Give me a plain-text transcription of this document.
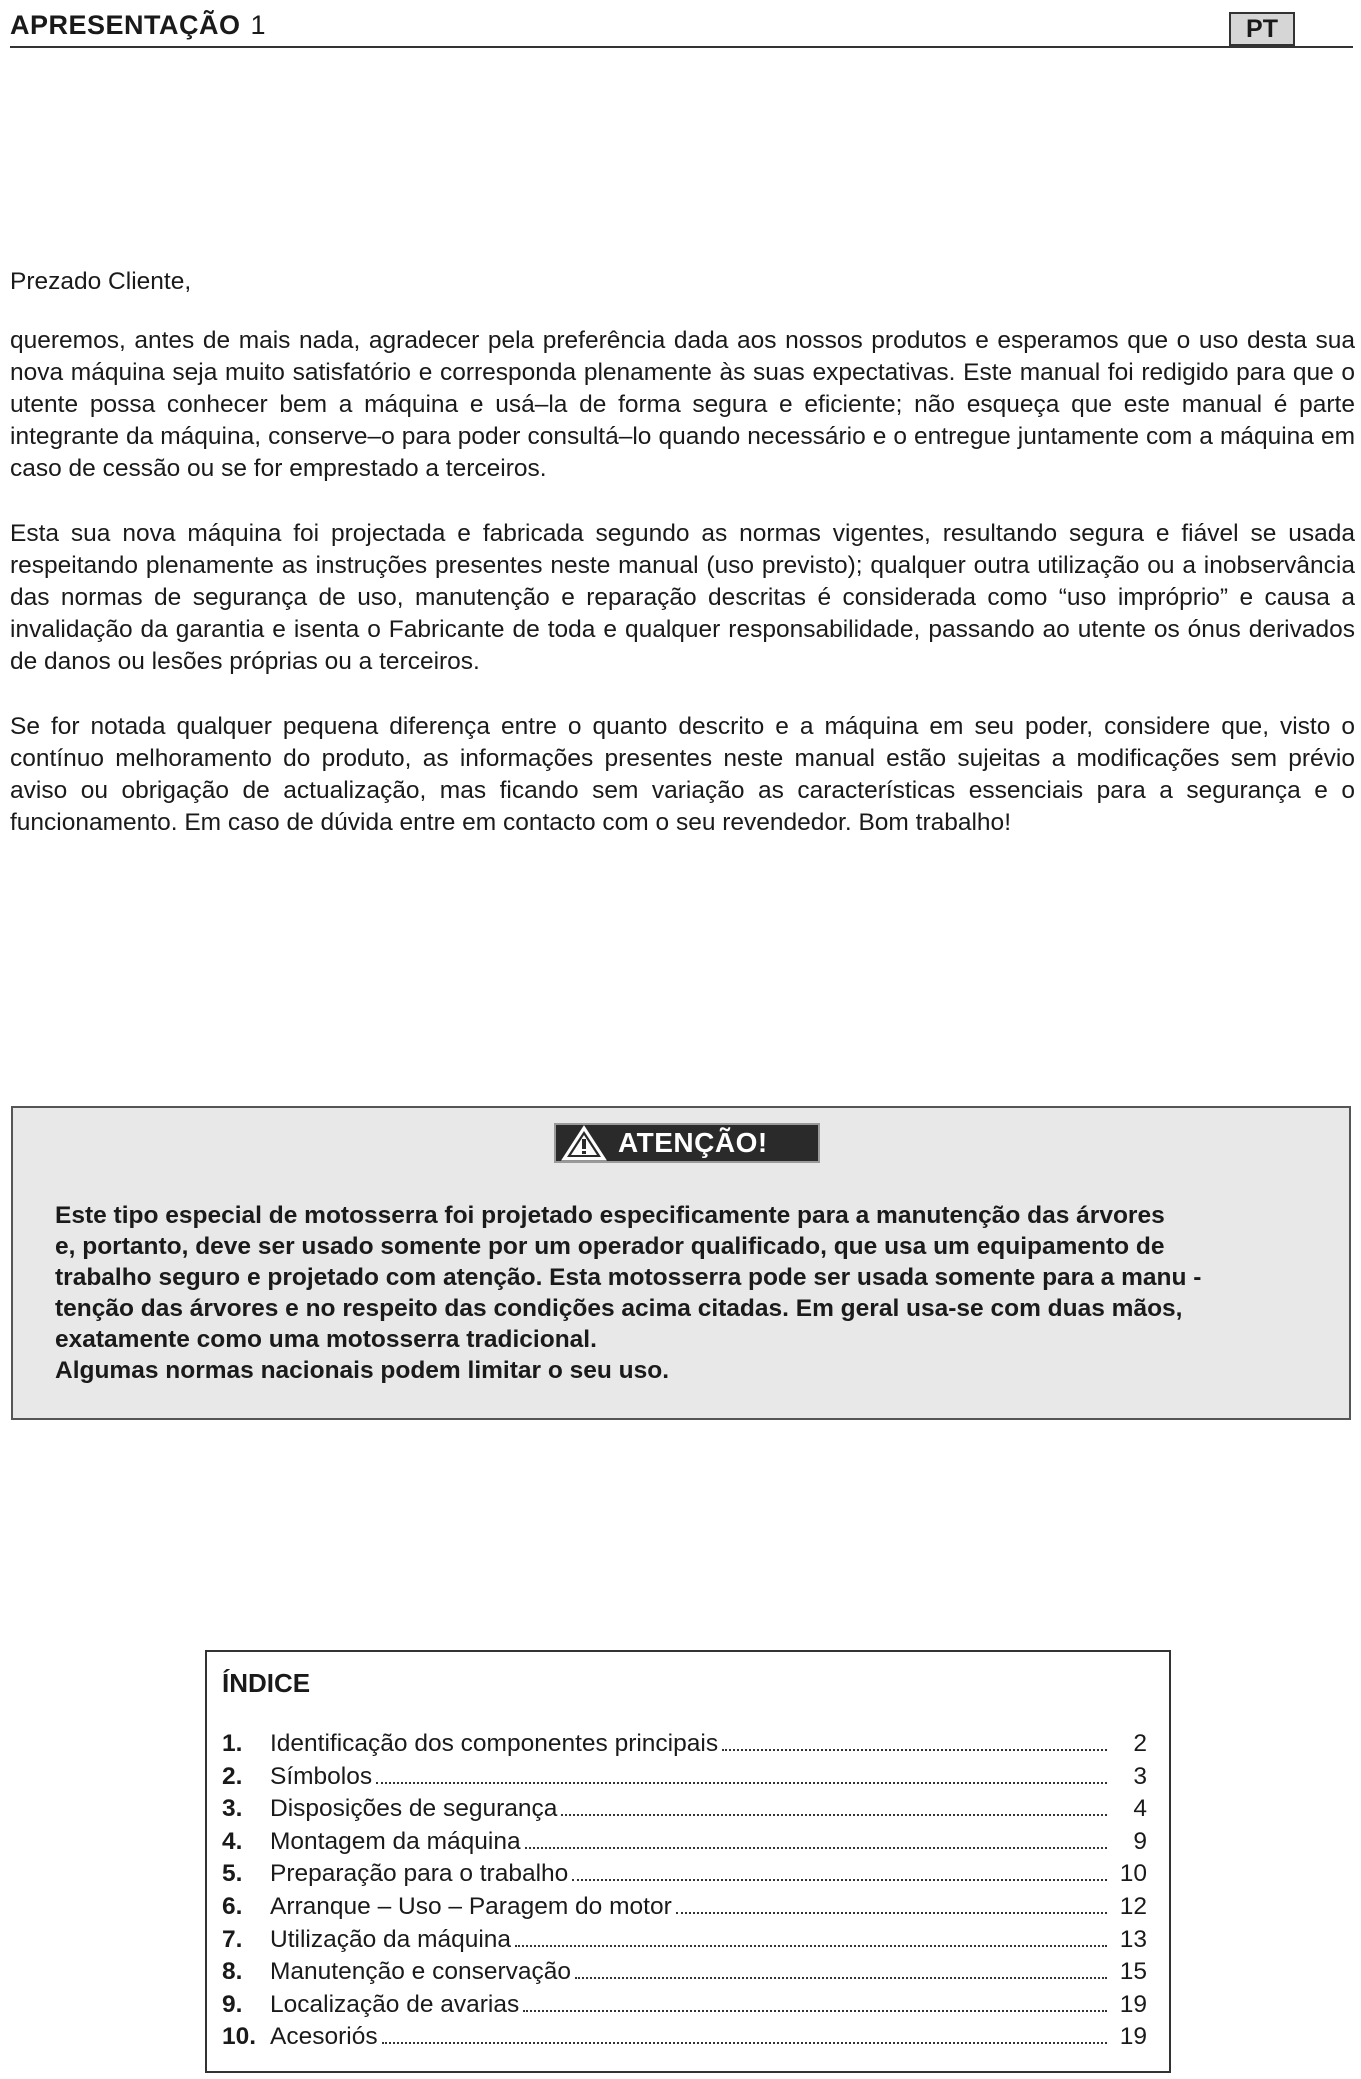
APRESENTAÇÃO 1	PT

Prezado Cliente,

queremos, antes de mais nada, agradecer pela preferência dada aos nossos produtos e esperamos que o uso desta sua nova máquina seja muito satisfatório e corresponda plenamente às suas expectativas. Este manual foi redigido para que o utente possa conhecer bem a máquina e usá–la de forma segura e eficiente; não esqueça que este manual é parte integrante da máquina, conserve–o para poder consultá–lo quando necessário e o entregue juntamente com a máquina em caso de cessão ou se for emprestado a terceiros.

Esta sua nova máquina foi projectada e fabricada segundo as normas vigentes, resultando segura e fiável se usada respeitando plenamente as instruções presentes neste manual (uso previsto); qualquer outra utilização ou a inobservância das normas de segurança de uso, manutenção e reparação descritas é considerada como “uso impróprio” e causa a invalidação da garantia e isenta o Fabricante de toda e qualquer responsabilidade, passando ao utente os ónus derivados de danos ou lesões próprias ou a terceiros.

Se for notada qualquer pequena diferença entre o quanto descrito e a máquina em seu poder, considere que, visto o contínuo melhoramento do produto, as informações presentes neste manual estão sujeitas a modificações sem prévio aviso ou obrigação de actualização, mas ficando sem variação as características essenciais para a segurança e o funcionamento. Em caso de dúvida entre em contacto com o seu revendedor. Bom trabalho!

ATENÇÃO!

Este tipo especial de motosserra foi projetado especificamente para a manutenção das árvores

e, portanto, deve ser usado somente por um operador qualificado, que usa um equipamento de

trabalho seguro e projetado com atenção. Esta motosserra pode ser usada somente para a manu -

tenção das árvores e no respeito das condições acima citadas. Em geral usa-se com duas mãos,

exatamente como uma motosserra tradicional.

Algumas normas nacionais podem limitar o seu uso.

ÍNDICE
1.	Identificação dos componentes principais	2
2.	Símbolos	3
3.	Disposições de segurança	4
4.	Montagem da máquina	9
5.	Preparação para o trabalho	10
6.	Arranque – Uso – Paragem do motor	12
7.	Utilização da máquina	13
8.	Manutenção e conservação	15
9.	Localização de avarias	19
10. Acesoriós	19
